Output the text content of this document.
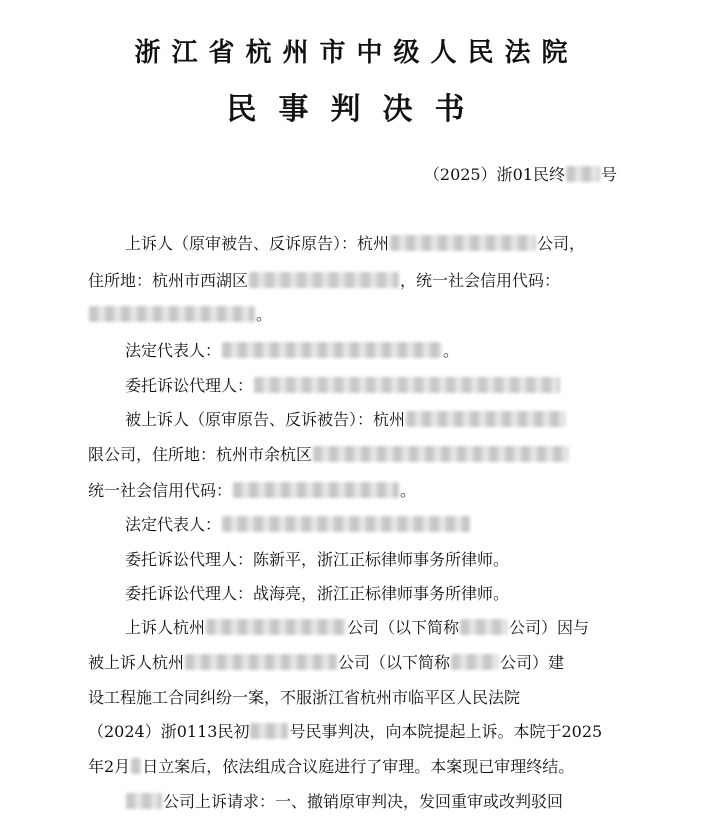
浙江省杭州市中级人民法院
民事判决书
（2025）浙01民终 号
上诉人（原审被告、反诉原告）：杭州	公司，
住所地：杭州市西湖区	，统一社会信用代码：
。
法定代表人：	。
委托诉讼代理人：
被上诉人（原审原告、反诉被告）：杭州
限公司，住所地：杭州市余杭区
统一社会信用代码：	。
法定代表人：
委托诉讼代理人：陈新平，浙江正标律师事务所律师。
委托诉讼代理人：战海亮，浙江正标律师事务所律师。
上诉人杭州	公司（以下简称	公司）因与
被上诉人杭州	公司（以下简称	公司）建
设工程施工合同纠纷一案，不服浙江省杭州市临平区人民法院
（2024）浙0113民初	号民事判决，向本院提起上诉。本院于2025
年2月 日立案后，依法组成合议庭进行了审理。本案现已审理终结。
公司上诉请求：一、撤销原审判决，发回重审或改判驳回
